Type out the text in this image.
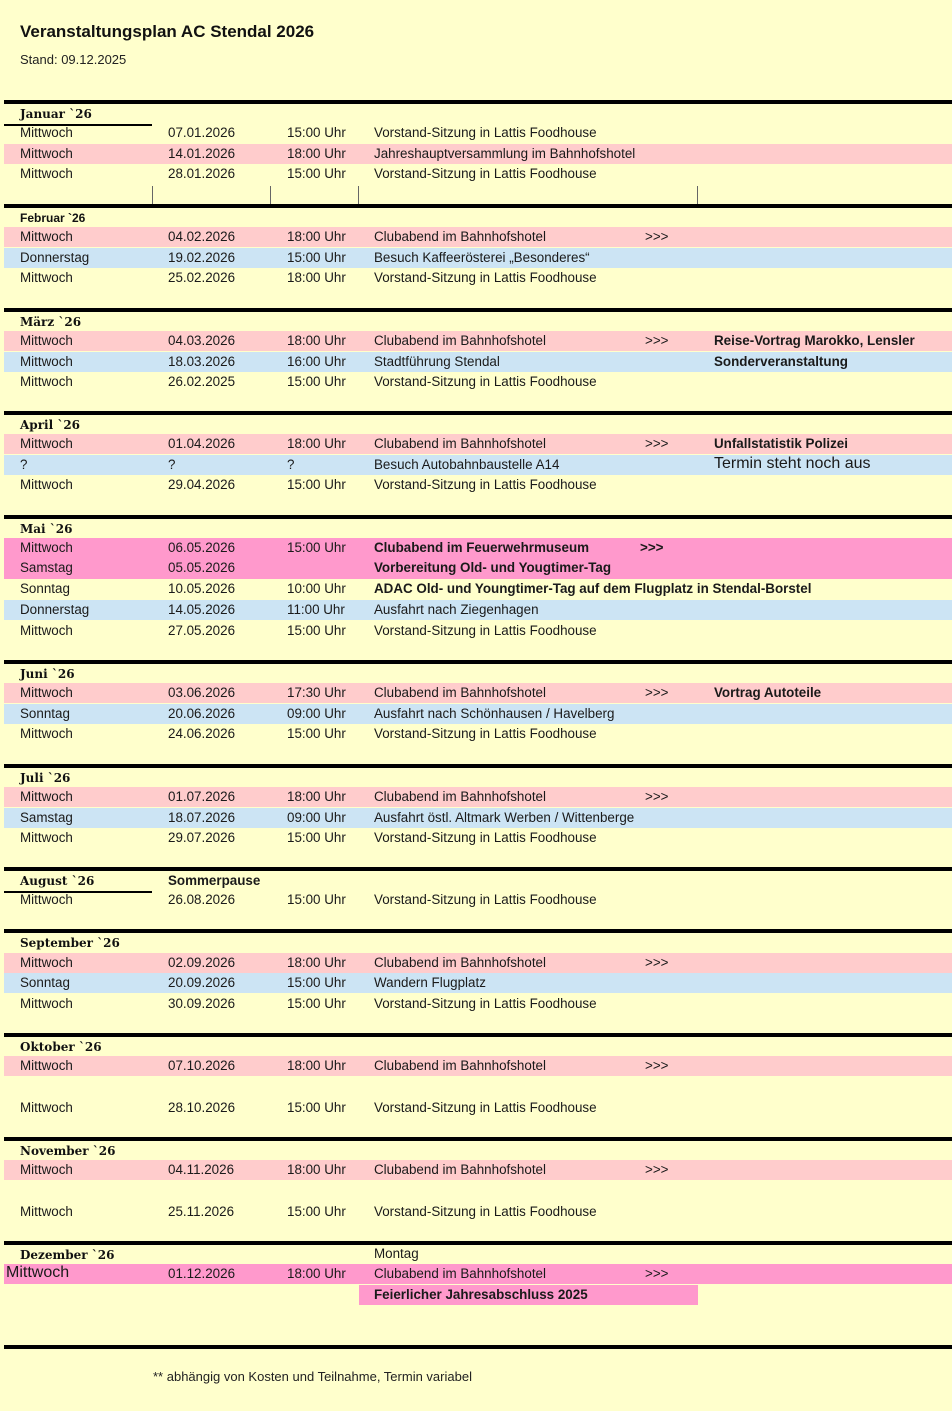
Veranstaltungsplan AC Stendal 2026
Stand: 09.12.2025
Januar `26
Mittwoch	07.01.2026	15:00 Uhr Vorstand-Sitzung in Lattis Foodhouse
Mittwoch	14.01.2026	18:00 Uhr Jahreshauptversammlung im Bahnhofshotel
Mittwoch	28.01.2026	15:00 Uhr Vorstand-Sitzung in Lattis Foodhouse
Februar `26
Mittwoch	04.02.2026	18:00 Uhr Clubabend im Bahnhofshotel	>>>
Donnerstag	19.02.2026	15:00 Uhr Besuch Kaffeerösterei „Besonderes“
Mittwoch	25.02.2026	18:00 Uhr Vorstand-Sitzung in Lattis Foodhouse
März `26
Mittwoch	04.03.2026	18:00 Uhr Clubabend im Bahnhofshotel	>>>	Reise-Vortrag Marokko, Lensler
Mittwoch	18.03.2026	16:00 Uhr Stadtführung Stendal	Sonderveranstaltung
Mittwoch	26.02.2025	15:00 Uhr Vorstand-Sitzung in Lattis Foodhouse
April `26
Mittwoch	01.04.2026	18:00 Uhr Clubabend im Bahnhofshotel	>>>	Unfallstatistik Polizei
?	?	?	Besuch Autobahnbaustelle A14	Termin steht noch aus
Mittwoch	29.04.2026	15:00 Uhr Vorstand-Sitzung in Lattis Foodhouse
Mai `26
Mittwoch	06.05.2026	15:00 Uhr Clubabend im Feuerwehrmuseum	>>>
Samstag	05.05.2026	Vorbereitung Old- und Yougtimer-Tag
Sonntag	10.05.2026	10:00 Uhr ADAC Old- und Youngtimer-Tag auf dem Flugplatz in Stendal-Borstel
Donnerstag	14.05.2026	11:00 Uhr Ausfahrt nach Ziegenhagen
Mittwoch	27.05.2026	15:00 Uhr Vorstand-Sitzung in Lattis Foodhouse
Juni `26
Mittwoch	03.06.2026	17:30 Uhr Clubabend im Bahnhofshotel	>>>	Vortrag Autoteile
Sonntag	20.06.2026	09:00 Uhr Ausfahrt nach Schönhausen / Havelberg
Mittwoch	24.06.2026	15:00 Uhr Vorstand-Sitzung in Lattis Foodhouse
Juli `26
Mittwoch	01.07.2026	18:00 Uhr Clubabend im Bahnhofshotel	>>>
Samstag	18.07.2026	09:00 Uhr Ausfahrt östl. Altmark Werben / Wittenberge
Mittwoch	29.07.2026	15:00 Uhr Vorstand-Sitzung in Lattis Foodhouse
August `26	Sommerpause
Mittwoch	26.08.2026	15:00 Uhr Vorstand-Sitzung in Lattis Foodhouse
September `26
Mittwoch	02.09.2026	18:00 Uhr Clubabend im Bahnhofshotel	>>>
Sonntag	20.09.2026	15:00 Uhr Wandern Flugplatz
Mittwoch	30.09.2026	15:00 Uhr Vorstand-Sitzung in Lattis Foodhouse
Oktober `26
Mittwoch	07.10.2026	18:00 Uhr Clubabend im Bahnhofshotel	>>>
Mittwoch	28.10.2026	15:00 Uhr Vorstand-Sitzung in Lattis Foodhouse
November `26
Mittwoch	04.11.2026	18:00 Uhr Clubabend im Bahnhofshotel	>>>
Mittwoch	25.11.2026	15:00 Uhr Vorstand-Sitzung in Lattis Foodhouse
Dezember `26	Montag
Mittwoch	01.12.2026	18:00 Uhr Clubabend im Bahnhofshotel	>>>
Feierlicher Jahresabschluss 2025
** abhängig von Kosten und Teilnahme, Termin variabel
